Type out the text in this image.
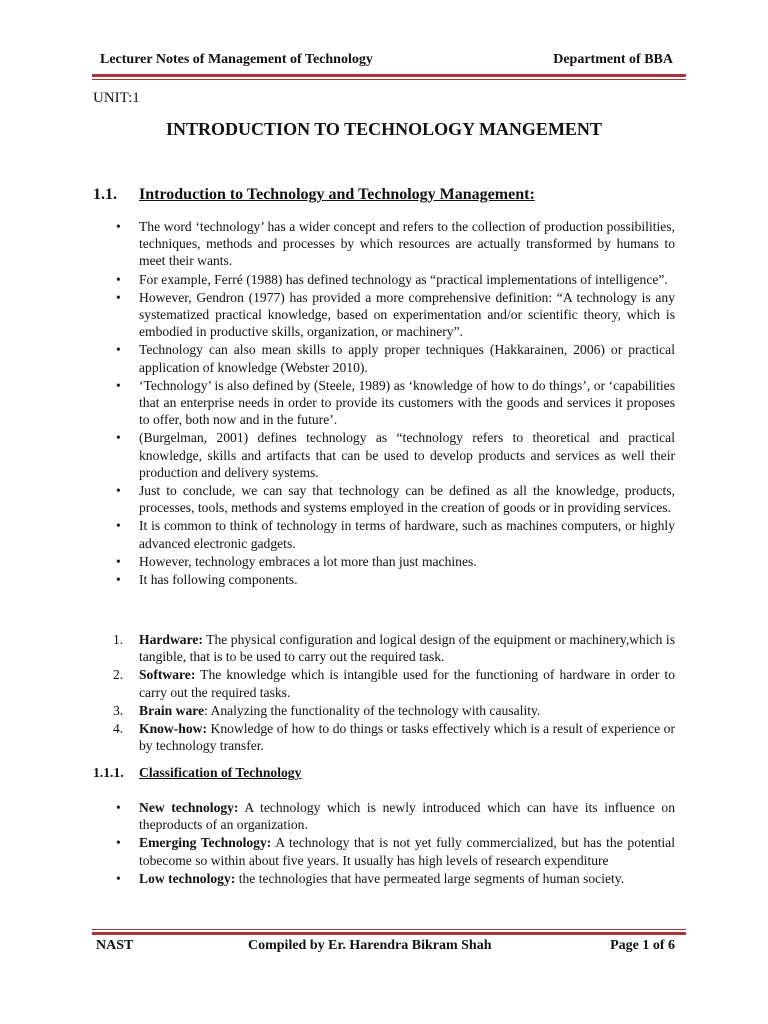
Lecturer Notes of Management of Technology	Department of BBA
UNIT:1
INTRODUCTION TO TECHNOLOGY MANGEMENT
1.1. Introduction to Technology and Technology Management:
• The word ‘technology’ has a wider concept and refers to the collection of production possibilities, techniques, methods and processes by which resources are actually transformed by humans to meet their wants.
• For example, Ferré (1988) has defined technology as “practical implementations of intelligence”.
• However, Gendron (1977) has provided a more comprehensive definition: “A technology is any systematized practical knowledge, based on experimentation and/or scientific theory, which is embodied in productive skills, organization, or machinery”.
• Technology can also mean skills to apply proper techniques (Hakkarainen, 2006) or practical application of knowledge (Webster 2010).
• ‘Technology’ is also defined by (Steele, 1989) as ‘knowledge of how to do things’, or ‘capabilities that an enterprise needs in order to provide its customers with the goods and services it proposes to offer, both now and in the future’.
• (Burgelman, 2001) defines technology as “technology refers to theoretical and practical knowledge, skills and artifacts that can be used to develop products and services as well their production and delivery systems.
• Just to conclude, we can say that technology can be defined as all the knowledge, products, processes, tools, methods and systems employed in the creation of goods or in providing services.
• It is common to think of technology in terms of hardware, such as machines computers, or highly advanced electronic gadgets.
• However, technology embraces a lot more than just machines.
• It has following components.
1. Hardware: The physical configuration and logical design of the equipment or machinery,which is tangible, that is to be used to carry out the required task.
2. Software: The knowledge which is intangible used for the functioning of hardware in order to carry out the required tasks.
3. Brain ware: Analyzing the functionality of the technology with causality.
4. Know-how: Knowledge of how to do things or tasks effectively which is a result of experience or by technology transfer.
1.1.1. Classification of Technology
• New technology: A technology which is newly introduced which can have its influence on theproducts of an organization.
• Emerging Technology: A technology that is not yet fully commercialized, but has the potential tobecome so within about five years. It usually has high levels of research expenditure
• Low technology: the technologies that have permeated large segments of human society.
NAST	Compiled by Er. Harendra Bikram Shah	Page 1 of 6
